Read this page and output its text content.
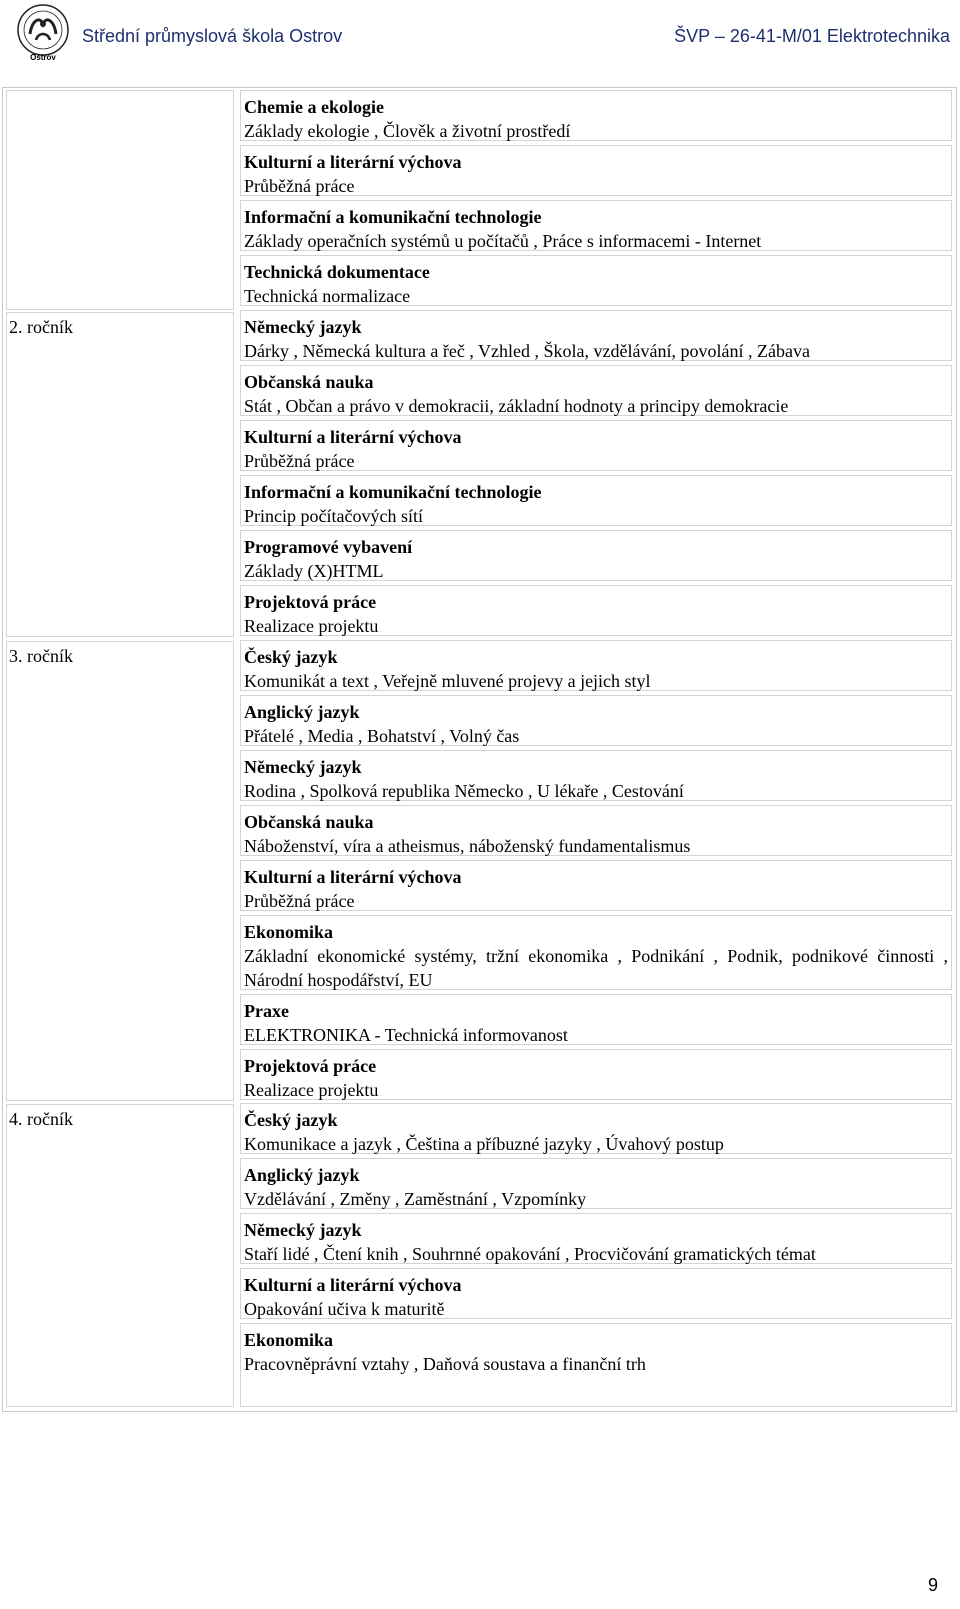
Ostrov
Střední průmyslová škola Ostrov	ŠVP – 26-41-M/01 Elektrotechnika
2. ročník
3. ročník
4. ročník
Chemie a ekologie
Základy ekologie , Člověk a životní prostředí
Kulturní a literární výchova
Průběžná práce
Informační a komunikační technologie
Základy operačních systémů u počítačů , Práce s informacemi - Internet
Technická dokumentace
Technická normalizace
Německý jazyk
Dárky , Německá kultura a řeč , Vzhled , Škola, vzdělávání, povolání , Zábava
Občanská nauka
Stát , Občan a právo v demokracii, základní hodnoty a principy demokracie
Kulturní a literární výchova
Průběžná práce
Informační a komunikační technologie
Princip počítačových sítí
Programové vybavení
Základy (X)HTML
Projektová práce
Realizace projektu
Český jazyk
Komunikát a text , Veřejně mluvené projevy a jejich styl
Anglický jazyk
Přátelé , Media , Bohatství , Volný čas
Německý jazyk
Rodina , Spolková republika Německo , U lékaře , Cestování
Občanská nauka
Náboženství, víra a atheismus, náboženský fundamentalismus
Kulturní a literární výchova
Průběžná práce
Ekonomika
Základní ekonomické systémy, tržní ekonomika , Podnikání , Podnik, podnikové činnosti , Národní hospodářství, EU
Praxe
ELEKTRONIKA - Technická informovanost
Projektová práce
Realizace projektu
Český jazyk
Komunikace a jazyk , Čeština a příbuzné jazyky , Úvahový postup
Anglický jazyk
Vzdělávání , Změny , Zaměstnání , Vzpomínky
Německý jazyk
Staří lidé , Čtení knih , Souhrnné opakování , Procvičování gramatických témat
Kulturní a literární výchova
Opakování učiva k maturitě
Ekonomika
Pracovněprávní vztahy , Daňová soustava a finanční trh
9
